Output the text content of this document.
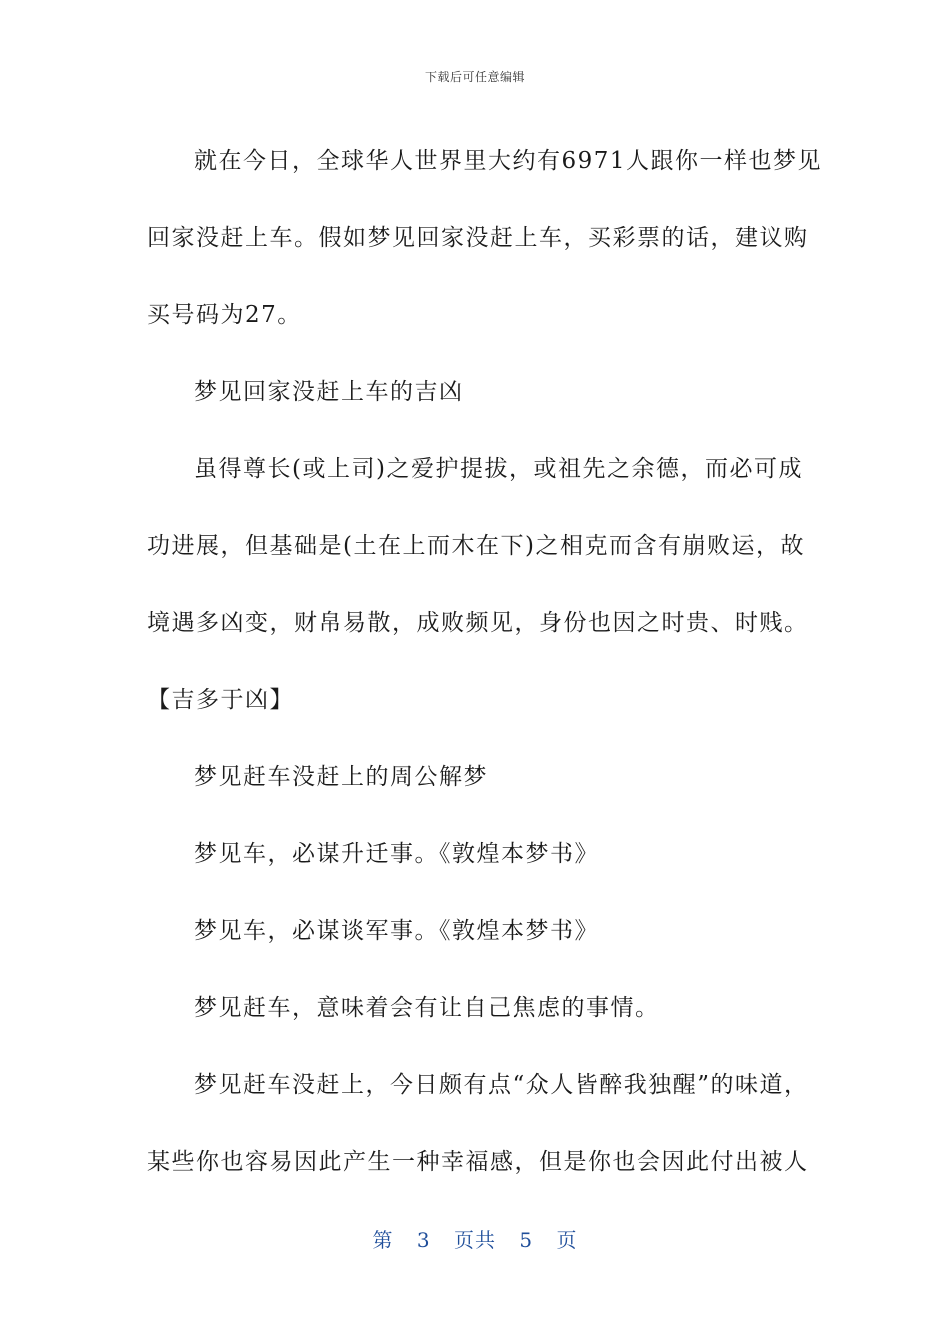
下载后可任意编辑
就在今日，全球华人世界里大约有6971人跟你一样也梦见
回家没赶上车。假如梦见回家没赶上车，买彩票的话，建议购
买号码为27。
梦见回家没赶上车的吉凶
虽得尊长(或上司)之爱护提拔，或祖先之余德，而必可成
功进展，但基础是(土在上而木在下)之相克而含有崩败运，故
境遇多凶变，财帛易散，成败频见，身份也因之时贵、时贱。
【吉多于凶】
梦见赶车没赶上的周公解梦
梦见车，必谋升迁事。《敦煌本梦书》
梦见车，必谋谈军事。《敦煌本梦书》
梦见赶车，意味着会有让自己焦虑的事情。
梦见赶车没赶上，今日颇有点“众人皆醉我独醒”的味道，
某些你也容易因此产生一种幸福感，但是你也会因此付出被人
第 3 页共 5 页
